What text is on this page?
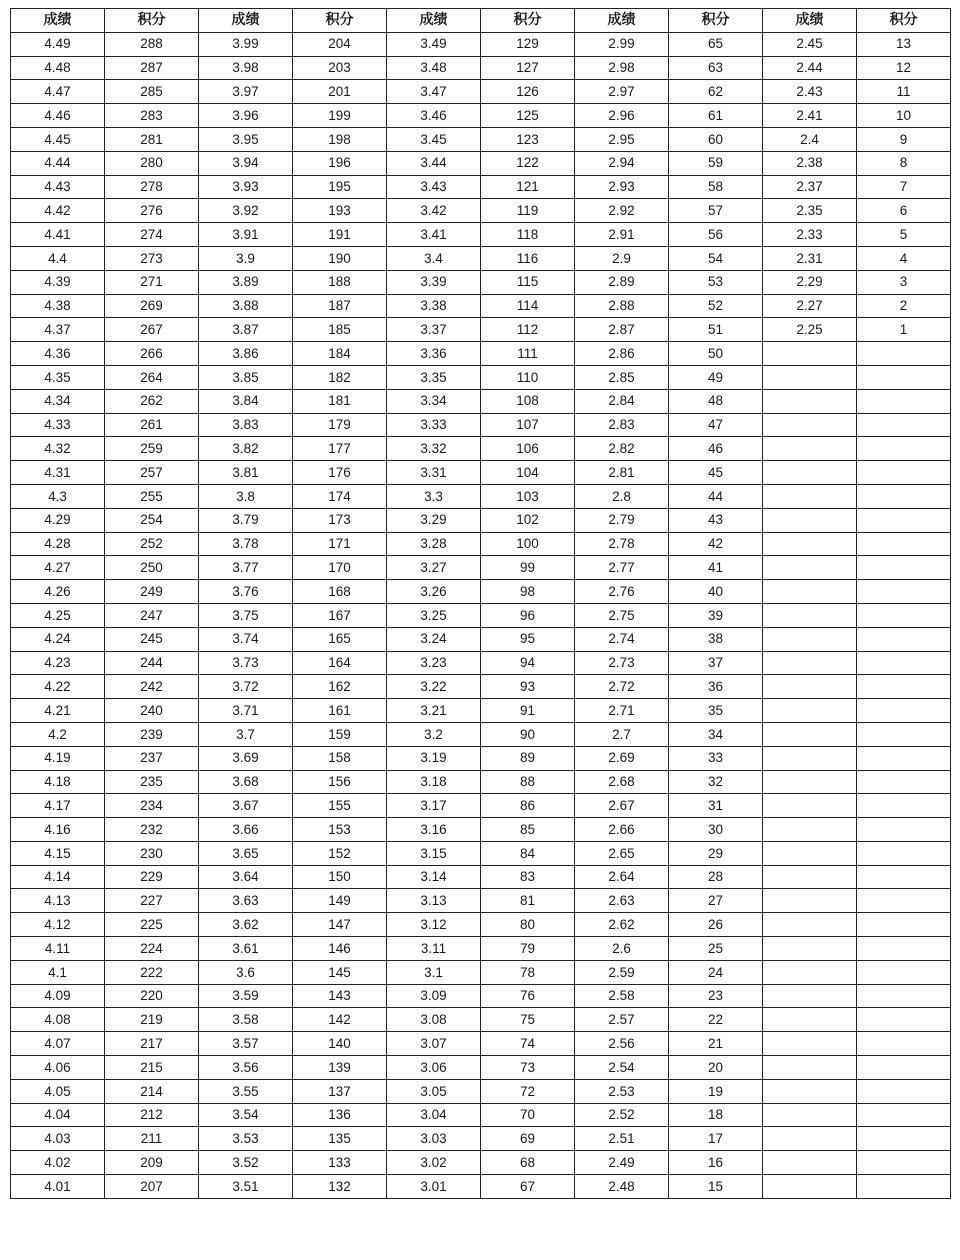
成绩	积分	成绩	积分	成绩	积分	成绩	积分	成绩	积分
4.49	288	3.99	204	3.49	129	2.99	65	2.45	13
4.48	287	3.98	203	3.48	127	2.98	63	2.44	12
4.47	285	3.97	201	3.47	126	2.97	62	2.43	11
4.46	283	3.96	199	3.46	125	2.96	61	2.41	10
4.45	281	3.95	198	3.45	123	2.95	60	2.4	9
4.44	280	3.94	196	3.44	122	2.94	59	2.38	8
4.43	278	3.93	195	3.43	121	2.93	58	2.37	7
4.42	276	3.92	193	3.42	119	2.92	57	2.35	6
4.41	274	3.91	191	3.41	118	2.91	56	2.33	5
4.4	273	3.9	190	3.4	116	2.9	54	2.31	4
4.39	271	3.89	188	3.39	115	2.89	53	2.29	3
4.38	269	3.88	187	3.38	114	2.88	52	2.27	2
4.37	267	3.87	185	3.37	112	2.87	51	2.25	1
4.36	266	3.86	184	3.36	111	2.86	50		
4.35	264	3.85	182	3.35	110	2.85	49		
4.34	262	3.84	181	3.34	108	2.84	48		
4.33	261	3.83	179	3.33	107	2.83	47		
4.32	259	3.82	177	3.32	106	2.82	46		
4.31	257	3.81	176	3.31	104	2.81	45		
4.3	255	3.8	174	3.3	103	2.8	44		
4.29	254	3.79	173	3.29	102	2.79	43		
4.28	252	3.78	171	3.28	100	2.78	42		
4.27	250	3.77	170	3.27	99	2.77	41		
4.26	249	3.76	168	3.26	98	2.76	40		
4.25	247	3.75	167	3.25	96	2.75	39		
4.24	245	3.74	165	3.24	95	2.74	38		
4.23	244	3.73	164	3.23	94	2.73	37		
4.22	242	3.72	162	3.22	93	2.72	36		
4.21	240	3.71	161	3.21	91	2.71	35		
4.2	239	3.7	159	3.2	90	2.7	34		
4.19	237	3.69	158	3.19	89	2.69	33		
4.18	235	3.68	156	3.18	88	2.68	32		
4.17	234	3.67	155	3.17	86	2.67	31		
4.16	232	3.66	153	3.16	85	2.66	30		
4.15	230	3.65	152	3.15	84	2.65	29		
4.14	229	3.64	150	3.14	83	2.64	28		
4.13	227	3.63	149	3.13	81	2.63	27		
4.12	225	3.62	147	3.12	80	2.62	26		
4.11	224	3.61	146	3.11	79	2.6	25		
4.1	222	3.6	145	3.1	78	2.59	24		
4.09	220	3.59	143	3.09	76	2.58	23		
4.08	219	3.58	142	3.08	75	2.57	22		
4.07	217	3.57	140	3.07	74	2.56	21		
4.06	215	3.56	139	3.06	73	2.54	20		
4.05	214	3.55	137	3.05	72	2.53	19		
4.04	212	3.54	136	3.04	70	2.52	18		
4.03	211	3.53	135	3.03	69	2.51	17		
4.02	209	3.52	133	3.02	68	2.49	16		
4.01	207	3.51	132	3.01	67	2.48	15		
